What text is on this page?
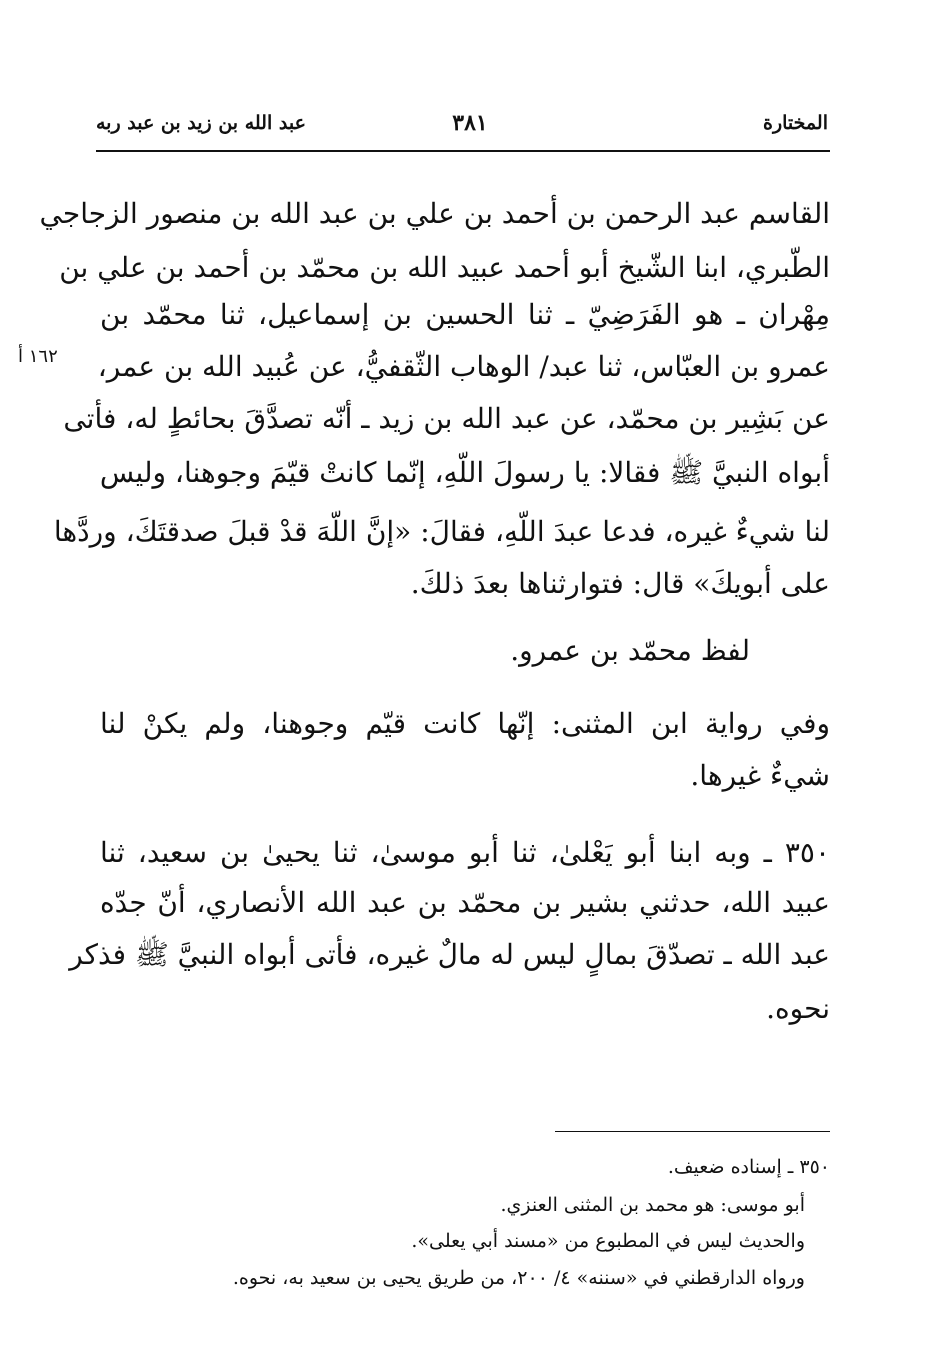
المختارة
٣٨١
عبد الله بن زيد بن عبد ربه
١٦٢ أ
القاسم عبد الرحمن بن أحمد بن علي بن عبد الله بن منصور الزجاجي
الطّبري، ابنا الشّيخ أبو أحمد عبيد الله بن محمّد بن أحمد بن علي بن
مِهْران ـ هو الفَرَضِيّ ـ ثنا الحسين بن إسماعيل، ثنا محمّد بن
عمرو بن العبّاس، ثنا عبد/ الوهاب الثّقفيُّ، عن عُبيد الله بن عمر،
عن بَشِير بن محمّد، عن عبد الله بن زيد ـ أنّه تصدَّقَ بحائطٍ له، فأتى
أبواه النبيَّ ﷺ فقالا: يا رسولَ اللّهِ، إنّما كانتْ قيّمَ وجوهنا، وليس
لنا شيءٌ غيره، فدعا عبدَ اللّهِ، فقالَ: «إنَّ اللّهَ قدْ قبلَ صدقتَكَ، وردَّها
على أبويكَ» قال: فتوارثناها بعدَ ذلكَ.
لفظ محمّد بن عمرو.
وفي رواية ابن المثنى: إنّها كانت قيّم وجوهنا، ولم يكنْ لنا
شيءٌ غيرها.
٣٥٠ ـ وبه ابنا أبو يَعْلىٰ، ثنا أبو موسىٰ، ثنا يحيىٰ بن سعيد، ثنا
عبيد الله، حدثني بشير بن محمّد بن عبد الله الأنصاري، أنّ جدّه
عبد الله ـ تصدّقَ بمالٍ ليس له مالٌ غيره، فأتى أبواه النبيَّ ﷺ فذكر
نحوه.
٣٥٠ ـ إسناده ضعيف.
أبو موسى: هو محمد بن المثنى العنزي.
والحديث ليس في المطبوع من «مسند أبي يعلى».
ورواه الدارقطني في «سننه» ٤/ ٢٠٠، من طريق يحيى بن سعيد به، نحوه.
